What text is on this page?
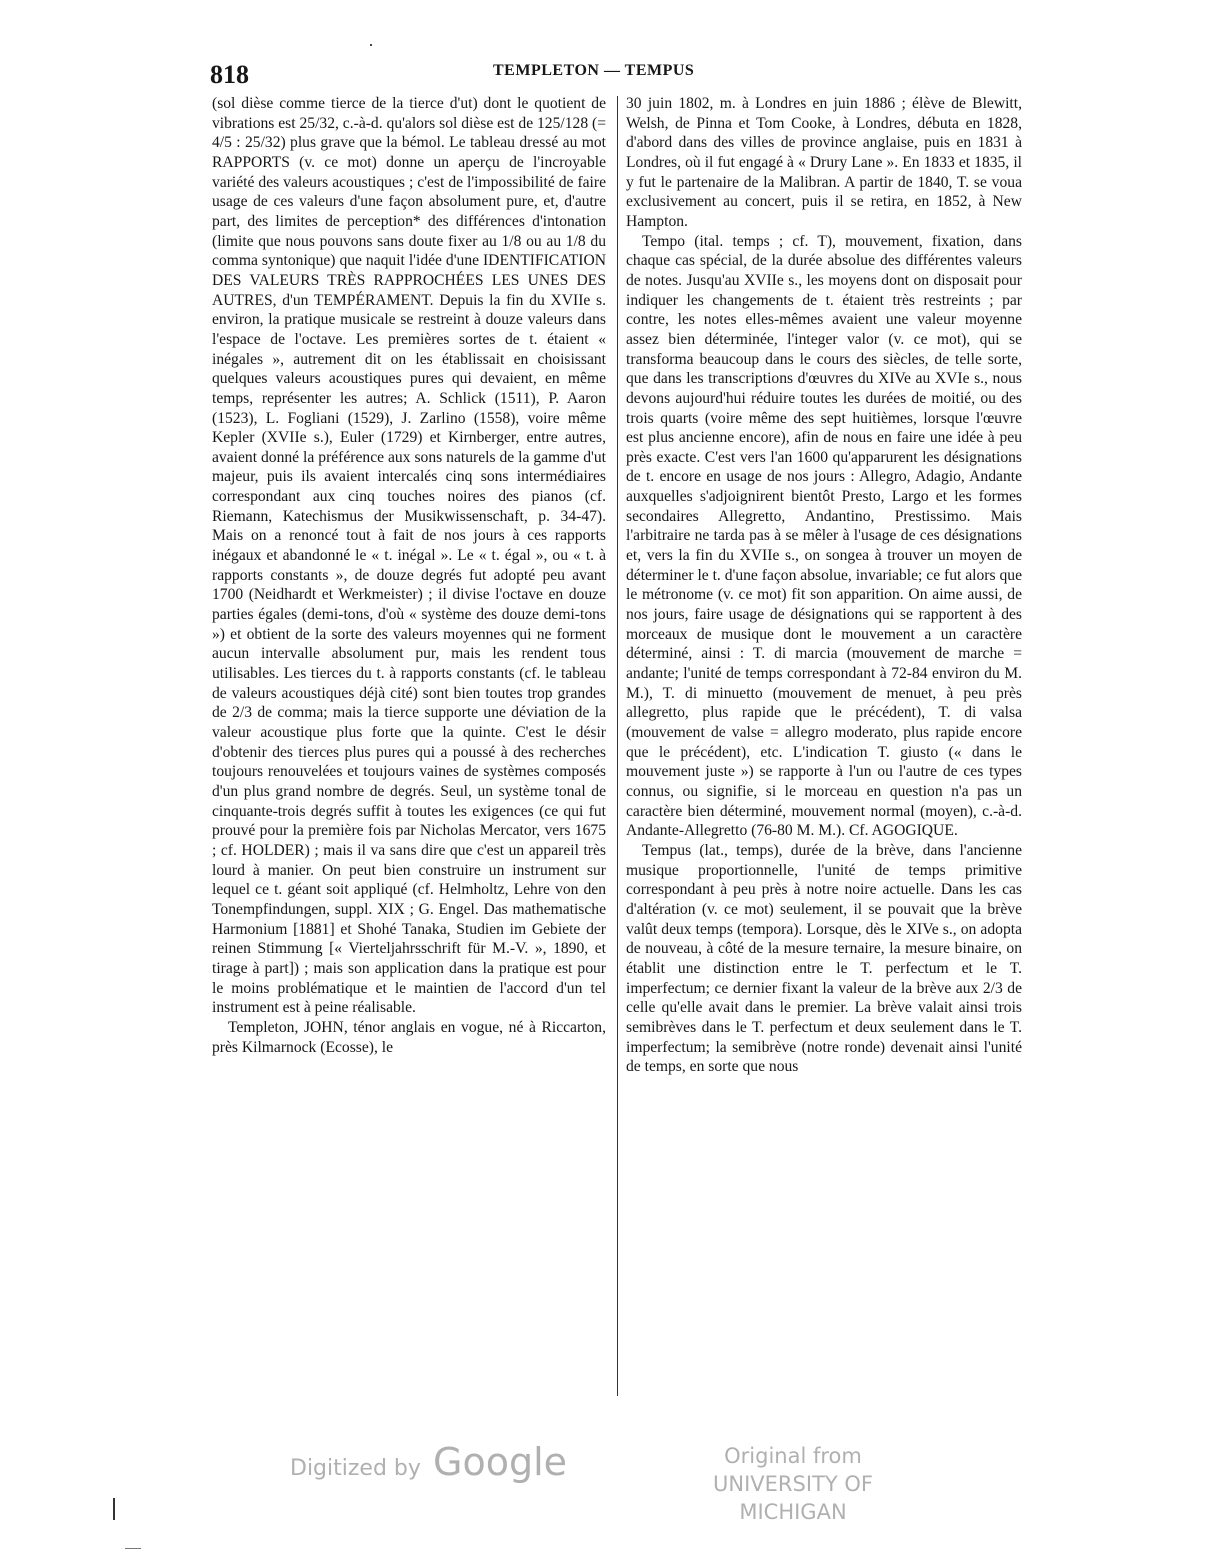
818	TEMPLETON — TEMPUS

(sol dièse comme tierce de la tierce d'ut) dont le quotient de vibrations est 25/32, c.-à-d. qu'alors sol dièse est de 125/128 (= 4/5 : 25/32) plus grave que la bémol. Le tableau dressé au mot RAPPORTS (v. ce mot) donne un aperçu de l'incroyable variété des valeurs acoustiques ; c'est de l'impossibilité de faire usage de ces valeurs d'une façon absolument pure, et, d'autre part, des limites de perception* des différences d'intonation (limite que nous pouvons sans doute fixer au 1/8 ou au 1/8 du comma syntonique) que naquit l'idée d'une IDENTIFICATION DES VALEURS TRÈS RAPPROCHÉES LES UNES DES AUTRES, d'un TEMPÉRAMENT. Depuis la fin du XVIIe s. environ, la pratique musicale se restreint à douze valeurs dans l'espace de l'octave. Les premières sortes de t. étaient « inégales », autrement dit on les établissait en choisissant quelques valeurs acoustiques pures qui devaient, en même temps, représenter les autres; A. Schlick (1511), P. Aaron (1523), L. Fogliani (1529), J. Zarlino (1558), voire même Kepler (XVIIe s.), Euler (1729) et Kirnberger, entre autres, avaient donné la préférence aux sons naturels de la gamme d'ut majeur, puis ils avaient intercalés cinq sons intermédiaires correspondant aux cinq touches noires des pianos (cf. Riemann, Katechismus der Musikwissenschaft, p. 34-47). Mais on a renoncé tout à fait de nos jours à ces rapports inégaux et abandonné le « t. inégal ». Le « t. égal », ou « t. à rapports constants », de douze degrés fut adopté peu avant 1700 (Neidhardt et Werkmeister) ; il divise l'octave en douze parties égales (demi-tons, d'où « système des douze demi-tons ») et obtient de la sorte des valeurs moyennes qui ne forment aucun intervalle absolument pur, mais les rendent tous utilisables. Les tierces du t. à rapports constants (cf. le tableau de valeurs acoustiques déjà cité) sont bien toutes trop grandes de 2/3 de comma; mais la tierce supporte une déviation de la valeur acoustique plus forte que la quinte. C'est le désir d'obtenir des tierces plus pures qui a poussé à des recherches toujours renouvelées et toujours vaines de systèmes composés d'un plus grand nombre de degrés. Seul, un système tonal de cinquante-trois degrés suffit à toutes les exigences (ce qui fut prouvé pour la première fois par Nicholas Mercator, vers 1675 ; cf. HOLDER) ; mais il va sans dire que c'est un appareil très lourd à manier. On peut bien construire un instrument sur lequel ce t. géant soit appliqué (cf. Helmholtz, Lehre von den Tonempfindungen, suppl. XIX ; G. Engel. Das mathematische Harmonium [1881] et Shohé Tanaka, Studien im Gebiete der reinen Stimmung [« Vierteljahrsschrift für M.-V. », 1890, et tirage à part]) ; mais son application dans la pratique est pour le moins problématique et le maintien de l'accord d'un tel instrument est à peine réalisable.

Templeton, JOHN, ténor anglais en vogue, né à Riccarton, près Kilmarnock (Ecosse), le

30 juin 1802, m. à Londres en juin 1886 ; élève de Blewitt, Welsh, de Pinna et Tom Cooke, à Londres, débuta en 1828, d'abord dans des villes de province anglaise, puis en 1831 à Londres, où il fut engagé à « Drury Lane ». En 1833 et 1835, il y fut le partenaire de la Malibran. A partir de 1840, T. se voua exclusivement au concert, puis il se retira, en 1852, à New Hampton.

Tempo (ital. temps ; cf. T), mouvement, fixation, dans chaque cas spécial, de la durée absolue des différentes valeurs de notes. Jusqu'au XVIIe s., les moyens dont on disposait pour indiquer les changements de t. étaient très restreints ; par contre, les notes elles-mêmes avaient une valeur moyenne assez bien déterminée, l'integer valor (v. ce mot), qui se transforma beaucoup dans le cours des siècles, de telle sorte, que dans les transcriptions d'œuvres du XIVe au XVIe s., nous devons aujourd'hui réduire toutes les durées de moitié, ou des trois quarts (voire même des sept huitièmes, lorsque l'œuvre est plus ancienne encore), afin de nous en faire une idée à peu près exacte. C'est vers l'an 1600 qu'apparurent les désignations de t. encore en usage de nos jours : Allegro, Adagio, Andante auxquelles s'adjoignirent bientôt Presto, Largo et les formes secondaires Allegretto, Andantino, Prestissimo. Mais l'arbitraire ne tarda pas à se mêler à l'usage de ces désignations et, vers la fin du XVIIe s., on songea à trouver un moyen de déterminer le t. d'une façon absolue, invariable; ce fut alors que le métronome (v. ce mot) fit son apparition. On aime aussi, de nos jours, faire usage de désignations qui se rapportent à des morceaux de musique dont le mouvement a un caractère déterminé, ainsi : T. di marcia (mouvement de marche = andante; l'unité de temps correspondant à 72-84 environ du M. M.), T. di minuetto (mouvement de menuet, à peu près allegretto, plus rapide que le précédent), T. di valsa (mouvement de valse = allegro moderato, plus rapide encore que le précédent), etc. L'indication T. giusto (« dans le mouvement juste ») se rapporte à l'un ou l'autre de ces types connus, ou signifie, si le morceau en question n'a pas un caractère bien déterminé, mouvement normal (moyen), c.-à-d. Andante-Allegretto (76-80 M. M.). Cf. AGOGIQUE.

Tempus (lat., temps), durée de la brève, dans l'ancienne musique proportionnelle, l'unité de temps primitive correspondant à peu près à notre noire actuelle. Dans les cas d'altération (v. ce mot) seulement, il se pouvait que la brève valût deux temps (tempora). Lorsque, dès le XIVe s., on adopta de nouveau, à côté de la mesure ternaire, la mesure binaire, on établit une distinction entre le T. perfectum et le T. imperfectum; ce dernier fixant la valeur de la brève aux 2/3 de celle qu'elle avait dans le premier. La brève valait ainsi trois semibrèves dans le T. perfectum et deux seulement dans le T. imperfectum; la semibrève (notre ronde) devenait ainsi l'unité de temps, en sorte que nous

Digitized by Google	Original from
UNIVERSITY OF MICHIGAN
